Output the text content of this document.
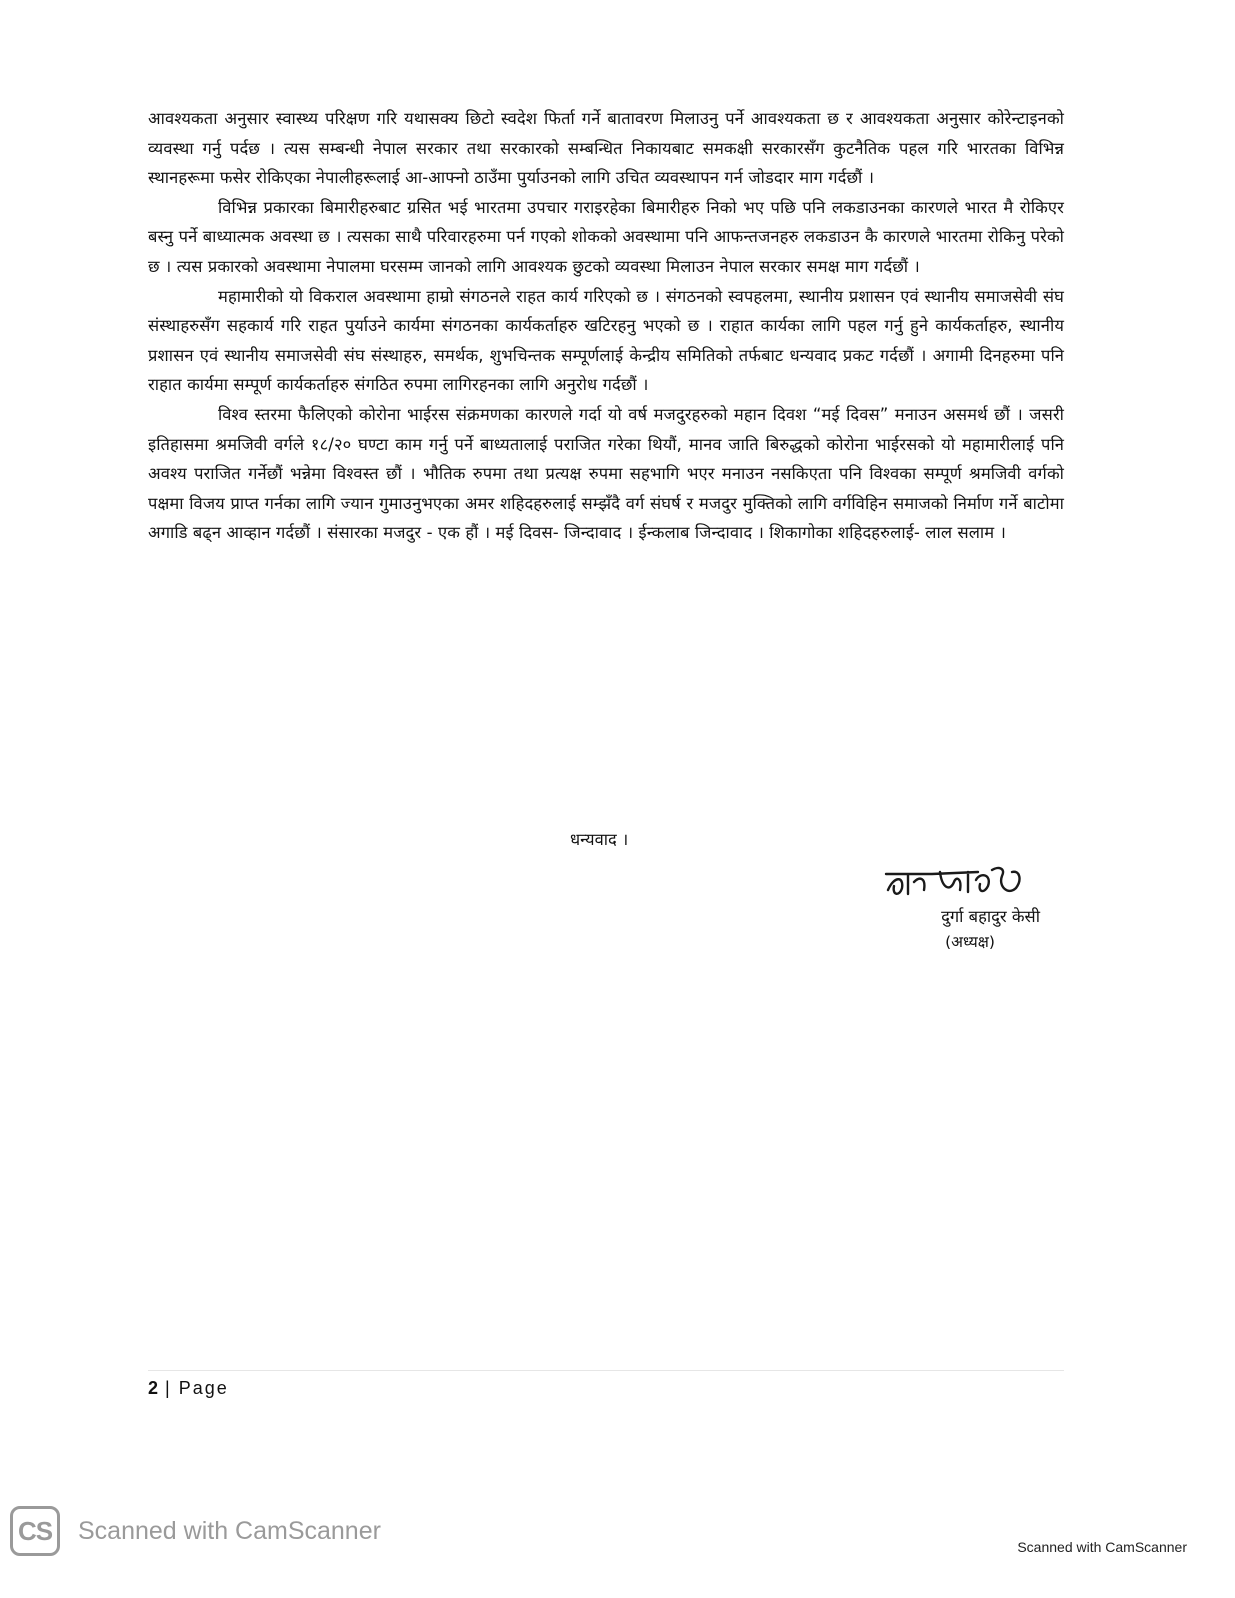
आवश्यकता अनुसार स्वास्थ्य परिक्षण गरि यथासक्य छिटो स्वदेश फिर्ता गर्ने बातावरण मिलाउनु पर्ने आवश्यकता छ र आवश्यकता अनुसार कोरेन्टाइनको व्यवस्था गर्नु पर्दछ । त्यस सम्बन्धी नेपाल सरकार तथा सरकारको सम्बन्धित निकायबाट समकक्षी सरकारसँग कुटनैतिक पहल गरि भारतका विभिन्न स्थानहरूमा फसेर रोकिएका नेपालीहरूलाई आ-आफ्नो ठाउँमा पुर्याउनको लागि उचित व्यवस्थापन गर्न जोडदार माग गर्दछौं ।

विभिन्न प्रकारका बिमारीहरुबाट ग्रसित भई भारतमा उपचार गराइरहेका बिमारीहरु निको भए पछि पनि लकडाउनका कारणले भारत मै रोकिएर बस्नु पर्ने बाध्यात्मक अवस्था छ । त्यसका साथै परिवारहरुमा पर्न गएको शोकको अवस्थामा पनि आफन्तजनहरु लकडाउन कै कारणले भारतमा रोकिनु परेको छ । त्यस प्रकारको अवस्थामा नेपालमा घरसम्म जानको लागि आवश्यक छुटको व्यवस्था मिलाउन नेपाल सरकार समक्ष माग गर्दछौं ।

महामारीको यो विकराल अवस्थामा हाम्रो संगठनले राहत कार्य गरिएको छ । संगठनको स्वपहलमा, स्थानीय प्रशासन एवं स्थानीय समाजसेवी संघ संस्थाहरुसँग सहकार्य गरि राहत पुर्याउने कार्यमा संगठनका कार्यकर्ताहरु खटिरहनु भएको छ । राहात कार्यका लागि पहल गर्नु हुने कार्यकर्ताहरु, स्थानीय प्रशासन एवं स्थानीय समाजसेवी संघ संस्थाहरु, समर्थक, शुभचिन्तक सम्पूर्णलाई केन्द्रीय समितिको तर्फबाट धन्यवाद प्रकट गर्दछौं । अगामी दिनहरुमा पनि राहात कार्यमा सम्पूर्ण कार्यकर्ताहरु संगठित रुपमा लागिरहनका लागि अनुरोध गर्दछौं ।

विश्व स्तरमा फैलिएको कोरोना भाईरस संक्रमणका कारणले गर्दा यो वर्ष मजदुरहरुको महान दिवश “मई दिवस” मनाउन असमर्थ छौं । जसरी इतिहासमा श्रमजिवी वर्गले १८/२० घण्टा काम गर्नु पर्ने बाध्यतालाई पराजित गरेका थियौं, मानव जाति बिरुद्धको कोरोना भाईरसको यो महामारीलाई पनि अवश्य पराजित गर्नेछौं भन्नेमा विश्वस्त छौं । भौतिक रुपमा तथा प्रत्यक्ष रुपमा सहभागि भएर मनाउन नसकिएता पनि विश्वका सम्पूर्ण श्रमजिवी वर्गको पक्षमा विजय प्राप्त गर्नका लागि ज्यान गुमाउनुभएका अमर शहिदहरुलाई सम्झँदै वर्ग संघर्ष र मजदुर मुक्तिको लागि वर्गविहिन समाजको निर्माण गर्ने बाटोमा अगाडि बढ्न आव्हान गर्दछौं । संसारका मजदुर - एक हौं । मई दिवस- जिन्दावाद । ईन्कलाब जिन्दावाद । शिकागोका शहिदहरुलाई- लाल सलाम ।

धन्यवाद ।
दुर्गा बहादुर केसी
(अध्यक्ष)
2 | Page
CS	Scanned with CamScanner
Scanned with CamScanner
